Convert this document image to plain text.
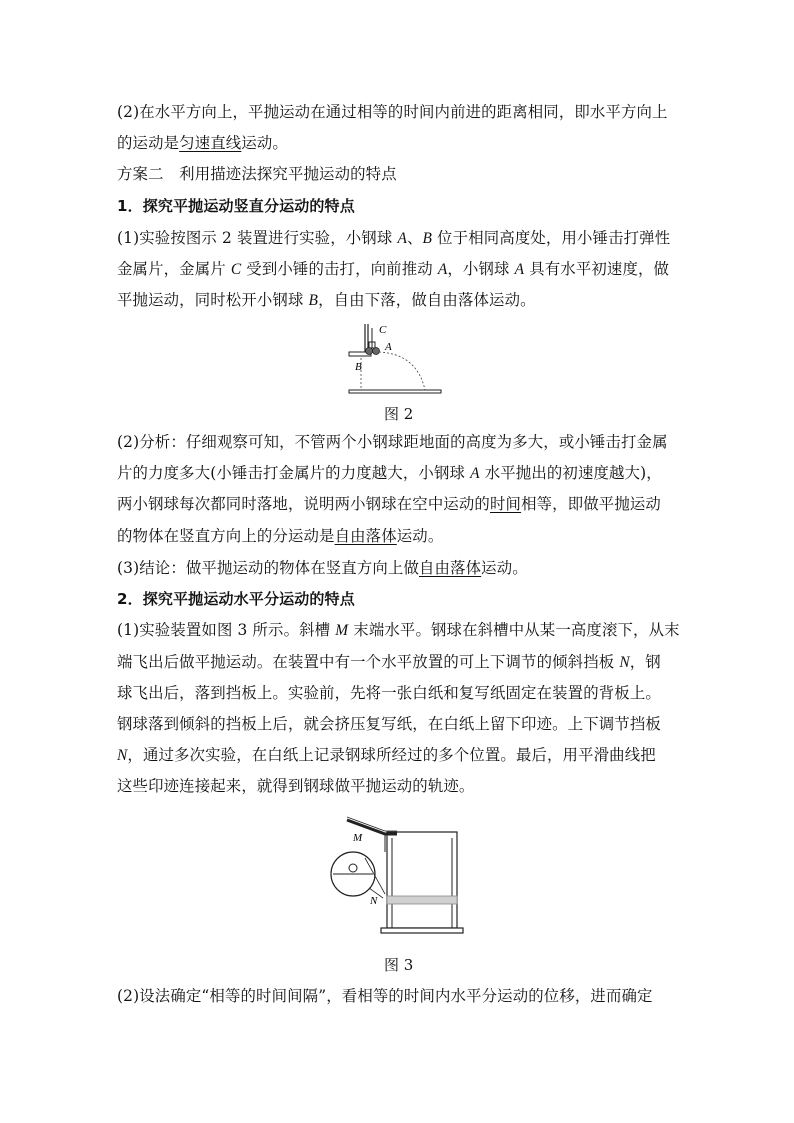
(2)在水平方向上，平抛运动在通过相等的时间内前进的距离相同，即水平方向上
的运动是匀速直线运动。
方案二　利用描迹法探究平抛运动的特点
1．探究平抛运动竖直分运动的特点
(1)实验按图示 2 装置进行实验，小钢球 A、B 位于相同高度处，用小锤击打弹性
金属片，金属片 C 受到小锤的击打，向前推动 A，小钢球 A 具有水平初速度，做
平抛运动，同时松开小钢球 B，自由下落，做自由落体运动。
C
A
B
图 2
(2)分析：仔细观察可知，不管两个小钢球距地面的高度为多大，或小锤击打金属
片的力度多大(小锤击打金属片的力度越大，小钢球 A 水平抛出的初速度越大)，
两小钢球每次都同时落地，说明两小钢球在空中运动的时间相等，即做平抛运动
的物体在竖直方向上的分运动是自由落体运动。
(3)结论：做平抛运动的物体在竖直方向上做自由落体运动。
2．探究平抛运动水平分运动的特点
(1)实验装置如图 3 所示。斜槽 M 末端水平。钢球在斜槽中从某一高度滚下，从末
端飞出后做平抛运动。在装置中有一个水平放置的可上下调节的倾斜挡板 N，钢
球飞出后，落到挡板上。实验前，先将一张白纸和复写纸固定在装置的背板上。
钢球落到倾斜的挡板上后，就会挤压复写纸，在白纸上留下印迹。上下调节挡板
N，通过多次实验，在白纸上记录钢球所经过的多个位置。最后，用平滑曲线把
这些印迹连接起来，就得到钢球做平抛运动的轨迹。
M
N
图 3
(2)设法确定“相等的时间间隔”，看相等的时间内水平分运动的位移，进而确定
